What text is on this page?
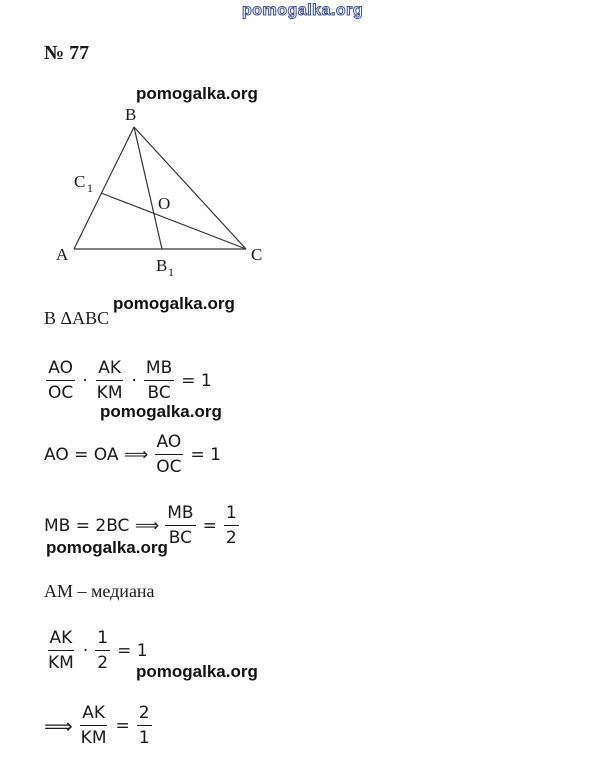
pomogalka.org
№ 77
pomogalka.org
pomogalka.org
pomogalka.org
pomogalka.org
pomogalka.org
B
A	C
O
C 1
B 1
В ΔАВС
$\frac{AO}{OC} \cdot \frac{AK}{KM} \cdot \frac{MB}{BC} = 1$
AO = OA ⟹ $\frac{AO}{OC} = 1$
MB = 2BC ⟹ $\frac{MB}{BC} = \frac{1}{2}$
AM – медиана
$\frac{AK}{KM} \cdot \frac{1}{2} = 1$
⟹ $\frac{AK}{KM} = \frac{2}{1}$
